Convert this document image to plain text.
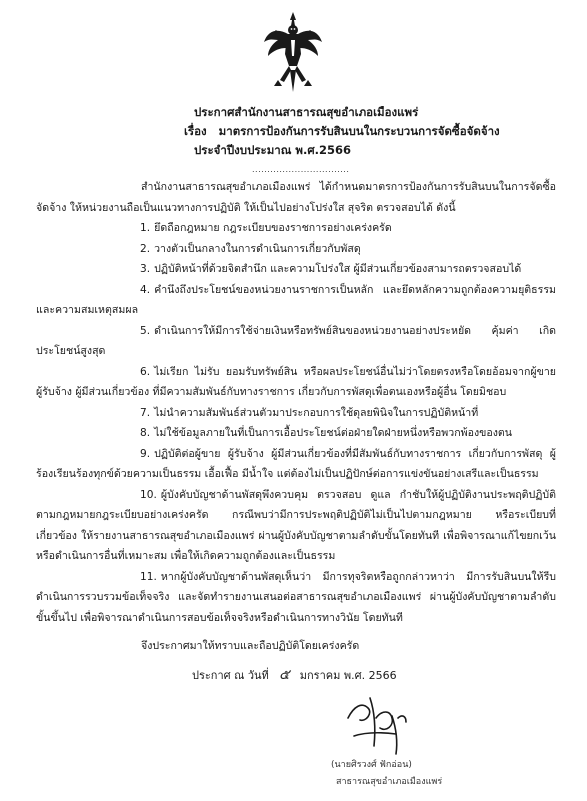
ประกาศสำนักงานสาธารณสุขอำเภอเมืองแพร่
เรื่อง มาตรการป้องกันการรับสินบนในกระบวนการจัดซื้อจัดจ้าง
ประจำปีงบประมาณ พ.ศ.2566
................................

สำนักงานสาธารณสุขอำเภอเมืองแพร่ ได้กำหนดมาตรการป้องกันการรับสินบนในการจัดซื้อจัดจ้าง ให้หน่วยงานถือเป็นแนวทางการปฏิบัติ ให้เป็นไปอย่างโปร่งใส สุจริต ตรวจสอบได้ ดังนี้

1. ยึดถือกฎหมาย กฎระเบียบของราชการอย่างเคร่งครัด
2. วางตัวเป็นกลางในการดำเนินการเกี่ยวกับพัสดุ
3. ปฏิบัติหน้าที่ด้วยจิตสำนึก และความโปร่งใส ผู้มีส่วนเกี่ยวข้องสามารถตรวจสอบได้
4. คำนึงถึงประโยชน์ของหน่วยงานราชการเป็นหลัก และยึดหลักความถูกต้องความยุติธรรมและความสมเหตุสมผล
5. ดำเนินการให้มีการใช้จ่ายเงินหรือทรัพย์สินของหน่วยงานอย่างประหยัด คุ้มค่า เกิดประโยชน์สูงสุด
6. ไม่เรียก ไม่รับ ยอมรับทรัพย์สิน หรือผลประโยชน์อื่นไม่ว่าโดยตรงหรือโดยอ้อมจากผู้ขาย ผู้รับจ้าง ผู้มีส่วนเกี่ยวข้อง ที่มีความสัมพันธ์กับทางราชการ เกี่ยวกับการพัสดุเพื่อตนเองหรือผู้อื่น โดยมิชอบ
7. ไม่นำความสัมพันธ์ส่วนตัวมาประกอบการใช้ดุลยพินิจในการปฏิบัติหน้าที่
8. ไม่ใช้ข้อมูลภายในที่เป็นการเอื้อประโยชน์ต่อฝ่ายใดฝ่ายหนึ่งหรือพวกพ้องของตน
9. ปฏิบัติต่อผู้ขาย ผู้รับจ้าง ผู้มีส่วนเกี่ยวข้องที่มีสัมพันธ์กับทางราชการ เกี่ยวกับการพัสดุ ผู้ร้องเรียนร้องทุกข์ด้วยความเป็นธรรม เอื้อเฟื้อ มีน้ำใจ แต่ต้องไม่เป็นปฏิปักษ์ต่อการแข่งขันอย่างเสรีและเป็นธรรม
10. ผู้บังคับบัญชาด้านพัสดุพึงควบคุม ตรวจสอบ ดูแล กำชับให้ผู้ปฏิบัติงานประพฤติปฏิบัติตามกฎหมายกฎระเบียบอย่างเคร่งครัด กรณีพบว่ามีการประพฤติปฏิบัติไม่เป็นไปตามกฎหมาย หรือระเบียบที่เกี่ยวข้อง ให้รายงานสาธารณสุขอำเภอเมืองแพร่ ผ่านผู้บังคับบัญชาตามลำดับขั้นโดยทันที เพื่อพิจารณาแก้ไขยกเว้น หรือดำเนินการอื่นที่เหมาะสม เพื่อให้เกิดความถูกต้องและเป็นธรรม
11. หากผู้บังคับบัญชาด้านพัสดุเห็นว่า มีการทุจริตหรือถูกกล่าวหาว่า มีการรับสินบนให้รีบดำเนินการรวบรวมข้อเท็จจริง และจัดทำรายงานเสนอต่อสาธารณสุขอำเภอเมืองแพร่ ผ่านผู้บังคับบัญชาตามลำดับขั้นขึ้นไป เพื่อพิจารณาดำเนินการสอบข้อเท็จจริงหรือดำเนินการทางวินัย โดยทันที

จึงประกาศมาให้ทราบและถือปฏิบัติโดยเคร่งครัด

ประกาศ ณ วันที่ ๕ มกราคม พ.ศ. 2566
(นายศิรวงศ์ ฟักอ่อน)
สาธารณสุขอำเภอเมืองแพร่
